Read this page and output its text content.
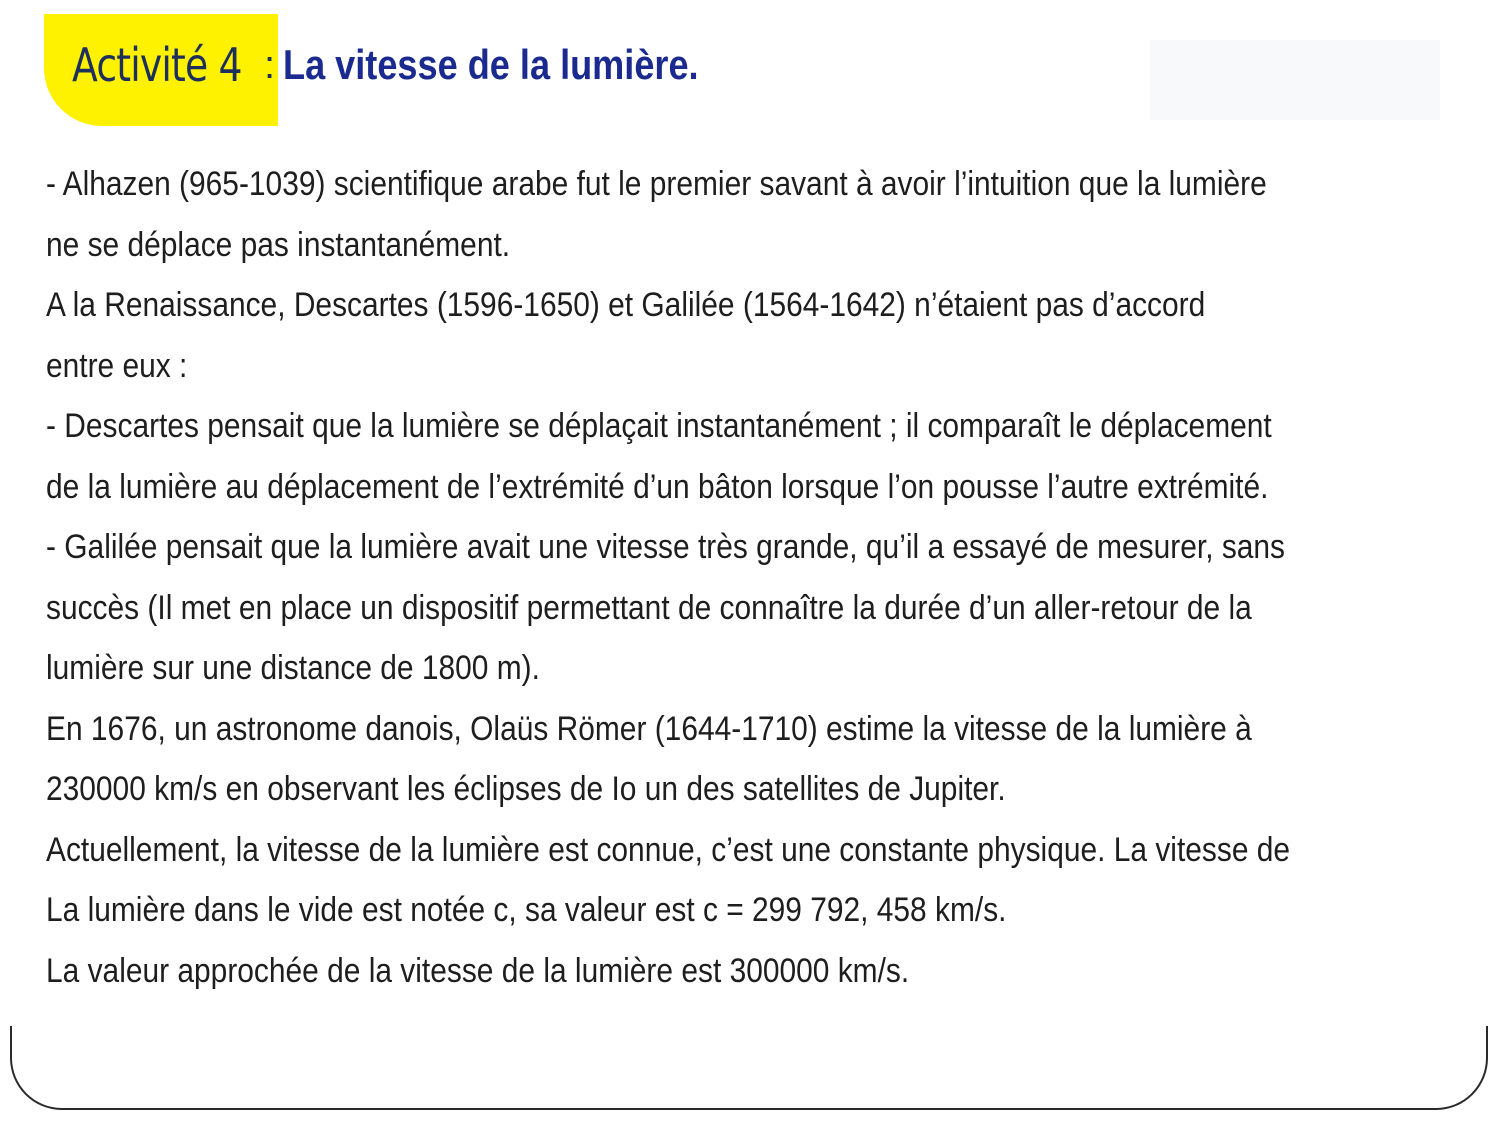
Activité 4 : La vitesse de la lumière.
- Alhazen (965-1039) scientifique arabe fut le premier savant à avoir l’intuition que la lumière
ne se déplace pas instantanément.
A la Renaissance, Descartes (1596-1650) et Galilée (1564-1642) n’étaient pas d’accord
entre eux :
- Descartes pensait que la lumière se déplaçait instantanément ; il comparaît le déplacement
de la lumière au déplacement de l’extrémité d’un bâton lorsque l’on pousse l’autre extrémité.
- Galilée pensait que la lumière avait une vitesse très grande, qu’il a essayé de mesurer, sans
succès (Il met en place un dispositif permettant de connaître la durée d’un aller-retour de la
lumière sur une distance de 1800 m).
En 1676, un astronome danois, Olaüs Römer (1644-1710) estime la vitesse de la lumière à
230000 km/s en observant les éclipses de Io un des satellites de Jupiter.
Actuellement, la vitesse de la lumière est connue, c’est une constante physique. La vitesse de
La lumière dans le vide est notée c, sa valeur est c = 299 792, 458 km/s.
La valeur approchée de la vitesse de la lumière est 300000 km/s.
